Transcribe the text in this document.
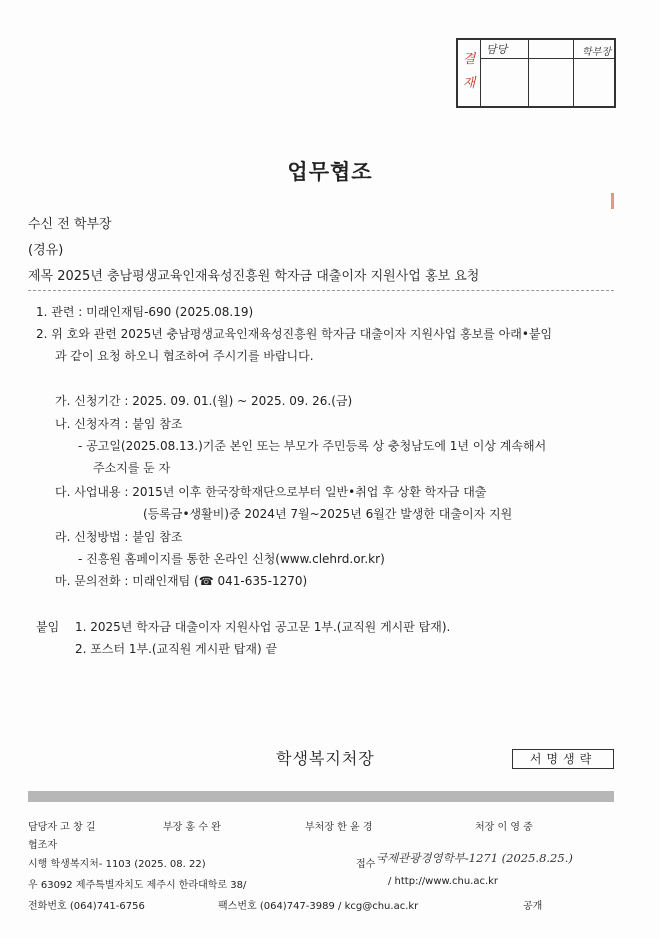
결재
담당	학부장
업무협조
수신 전 학부장
(경유)
제목 2025년 충남평생교육인재육성진흥원 학자금 대출이자 지원사업 홍보 요청
1. 관련 : 미래인재팀-690 (2025.08.19)
2. 위 호와 관련 2025년 충남평생교육인재육성진흥원 학자금 대출이자 지원사업 홍보를 아래•붙임
과 같이 요청 하오니 협조하여 주시기를 바랍니다.
가. 신청기간 : 2025. 09. 01.(월) ~ 2025. 09. 26.(금)
나. 신청자격 : 붙임 참조
- 공고일(2025.08.13.)기준 본인 또는 부모가 주민등록 상 충청남도에 1년 이상 계속해서
주소지를 둔 자
다. 사업내용 : 2015년 이후 한국장학재단으로부터 일반•취업 후 상환 학자금 대출
(등록금•생활비)중 2024년 7월~2025년 6월간 발생한 대출이자 지원
라. 신청방법 : 붙임 참조
- 진흥원 홈페이지를 통한 온라인 신청(www.clehrd.or.kr)
마. 문의전화 : 미래인재팀 (☎ 041-635-1270)
붙임 1. 2025년 학자금 대출이자 지원사업 공고문 1부.(교직원 게시판 탑재).
2. 포스터 1부.(교직원 게시판 탑재) 끝
학생복지처장	서명생략
담당자 고 창 길	부장 홍 수 완	부처장 한 윤 경	처장 이 영 중
협조자
시행 학생복지처- 1103 (2025. 08. 22)	접수 국제관광경영학부-1271 (2025.8.25.)
우 63092 제주특별자치도 제주시 한라대학로 38/	/ http://www.chu.ac.kr
전화번호 (064)741-6756	팩스번호 (064)747-3989 / kcg@chu.ac.kr	공개
